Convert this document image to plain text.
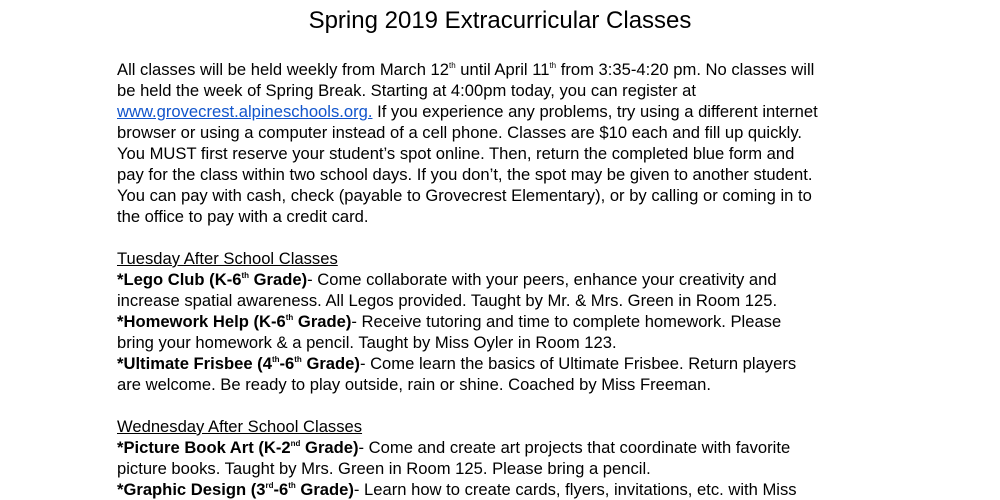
Spring 2019 Extracurricular Classes
All classes will be held weekly from March 12th until April 11th from 3:35-4:20 pm. No classes will
be held the week of Spring Break. Starting at 4:00pm today, you can register at
www.grovecrest.alpineschools.org. If you experience any problems, try using a different internet
browser or using a computer instead of a cell phone. Classes are $10 each and fill up quickly.
You MUST first reserve your student’s spot online. Then, return the completed blue form and
pay for the class within two school days. If you don’t, the spot may be given to another student.
You can pay with cash, check (payable to Grovecrest Elementary), or by calling or coming in to
the office to pay with a credit card.
Tuesday After School Classes
*Lego Club (K-6th Grade)- Come collaborate with your peers, enhance your creativity and
increase spatial awareness. All Legos provided. Taught by Mr. & Mrs. Green in Room 125.
*Homework Help (K-6th Grade)- Receive tutoring and time to complete homework. Please
bring your homework & a pencil. Taught by Miss Oyler in Room 123.
*Ultimate Frisbee (4th-6th Grade)- Come learn the basics of Ultimate Frisbee. Return players
are welcome. Be ready to play outside, rain or shine. Coached by Miss Freeman.
Wednesday After School Classes
*Picture Book Art (K-2nd Grade)- Come and create art projects that coordinate with favorite
picture books. Taught by Mrs. Green in Room 125. Please bring a pencil.
*Graphic Design (3rd-6th Grade)- Learn how to create cards, flyers, invitations, etc. with Miss
